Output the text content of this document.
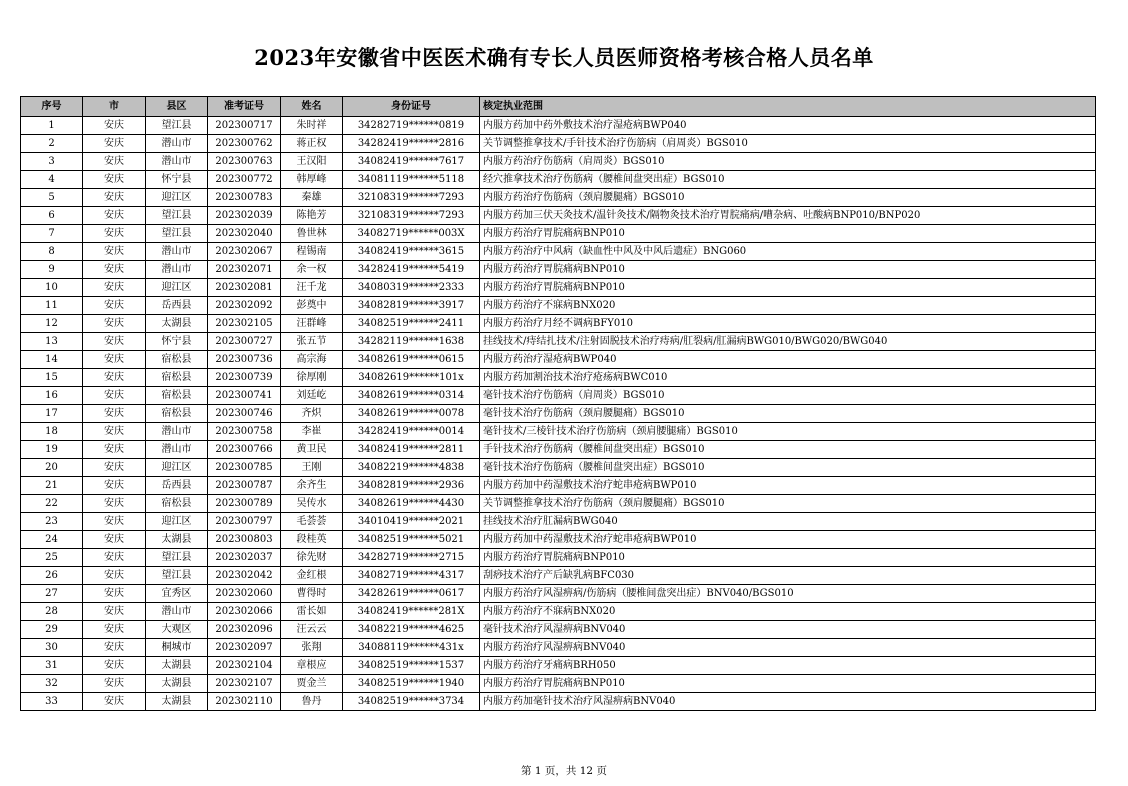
2023年安徽省中医医术确有专长人员医师资格考核合格人员名单
序号	市	县区	准考证号	姓名	身份证号	核定执业范围
1	安庆	望江县	202300717	朱时祥	34282719******0819	内服方药加中药外敷技术治疗湿疮病BWP040
2	安庆	潜山市	202300762	蒋正权	34282419******2816	关节调整推拿技术/手针技术治疗伤筋病（肩周炎）BGS010
3	安庆	潜山市	202300763	王汉阳	34082419******7617	内服方药治疗伤筋病（肩周炎）BGS010
4	安庆	怀宁县	202300772	韩厚峰	34081119******5118	经穴推拿技术治疗伤筋病（腰椎间盘突出症）BGS010
5	安庆	迎江区	202300783	秦雄	32108319******7293	内服方药治疗伤筋病（颈肩腰腿痛）BGS010
6	安庆	望江县	202302039	陈艳芳	32108319******7293	内服方药加三伏天灸技术/温针灸技术/隔物灸技术治疗胃脘痛病/嘈杂病、吐酸病BNP010/BNP020
7	安庆	望江县	202302040	鲁世林	34082719******003X	内服方药治疗胃脘痛病BNP010
8	安庆	潜山市	202302067	程锡南	34082419******3615	内服方药治疗中风病（缺血性中风及中风后遗症）BNG060
9	安庆	潜山市	202302071	余一权	34282419******5419	内服方药治疗胃脘痛病BNP010
10	安庆	迎江区	202302081	汪千龙	34080319******2333	内服方药治疗胃脘痛病BNP010
11	安庆	岳西县	202302092	彭奠中	34082819******3917	内服方药治疗不寐病BNX020
12	安庆	太湖县	202302105	汪群峰	34082519******2411	内服方药治疗月经不调病BFY010
13	安庆	怀宁县	202300727	张五节	34282119******1638	挂线技术/痔结扎技术/注射固脱技术治疗痔病/肛裂病/肛漏病BWG010/BWG020/BWG040
14	安庆	宿松县	202300736	高宗海	34082619******0615	内服方药治疗湿疮病BWP040
15	安庆	宿松县	202300739	徐厚刚	34082619******101x	内服方药加割治技术治疗疮疡病BWC010
16	安庆	宿松县	202300741	刘廷屹	34082619******0314	毫针技术治疗伤筋病（肩周炎）BGS010
17	安庆	宿松县	202300746	齐炽	34082619******0078	毫针技术治疗伤筋病（颈肩腰腿痛）BGS010
18	安庆	潜山市	202300758	李崔	34282419******0014	毫针技术/三棱针技术治疗伤筋病（颈肩腰腿痛）BGS010
19	安庆	潜山市	202300766	黄卫民	34082419******2811	手针技术治疗伤筋病（腰椎间盘突出症）BGS010
20	安庆	迎江区	202300785	王刚	34082219******4838	毫针技术治疗伤筋病（腰椎间盘突出症）BGS010
21	安庆	岳西县	202300787	余齐生	34082819******2936	内服方药加中药湿敷技术治疗蛇串疮病BWP010
22	安庆	宿松县	202300789	吴传水	34082619******4430	关节调整推拿技术治疗伤筋病（颈肩腰腿痛）BGS010
23	安庆	迎江区	202300797	毛荟荟	34010419******2021	挂线技术治疗肛漏病BWG040
24	安庆	太湖县	202300803	段桂英	34082519******5021	内服方药加中药湿敷技术治疗蛇串疮病BWP010
25	安庆	望江县	202302037	徐先财	34282719******2715	内服方药治疗胃脘痛病BNP010
26	安庆	望江县	202302042	金红根	34082719******4317	刮痧技术治疗产后缺乳病BFC030
27	安庆	宜秀区	202302060	曹得时	34282619******0617	内服方药治疗风湿痹病/伤筋病（腰椎间盘突出症）BNV040/BGS010
28	安庆	潜山市	202302066	雷长如	34082419******281X	内服方药治疗不寐病BNX020
29	安庆	大观区	202302096	汪云云	34082219******4625	毫针技术治疗风湿痹病BNV040
30	安庆	桐城市	202302097	张翔	34088119******431x	内服方药治疗风湿痹病BNV040
31	安庆	太湖县	202302104	章根应	34082519******1537	内服方药治疗牙痛病BRH050
32	安庆	太湖县	202302107	贾金兰	34082519******1940	内服方药治疗胃脘痛病BNP010
33	安庆	太湖县	202302110	鲁丹	34082519******3734	内服方药加毫针技术治疗风湿痹病BNV040
第 1 页，共 12 页
